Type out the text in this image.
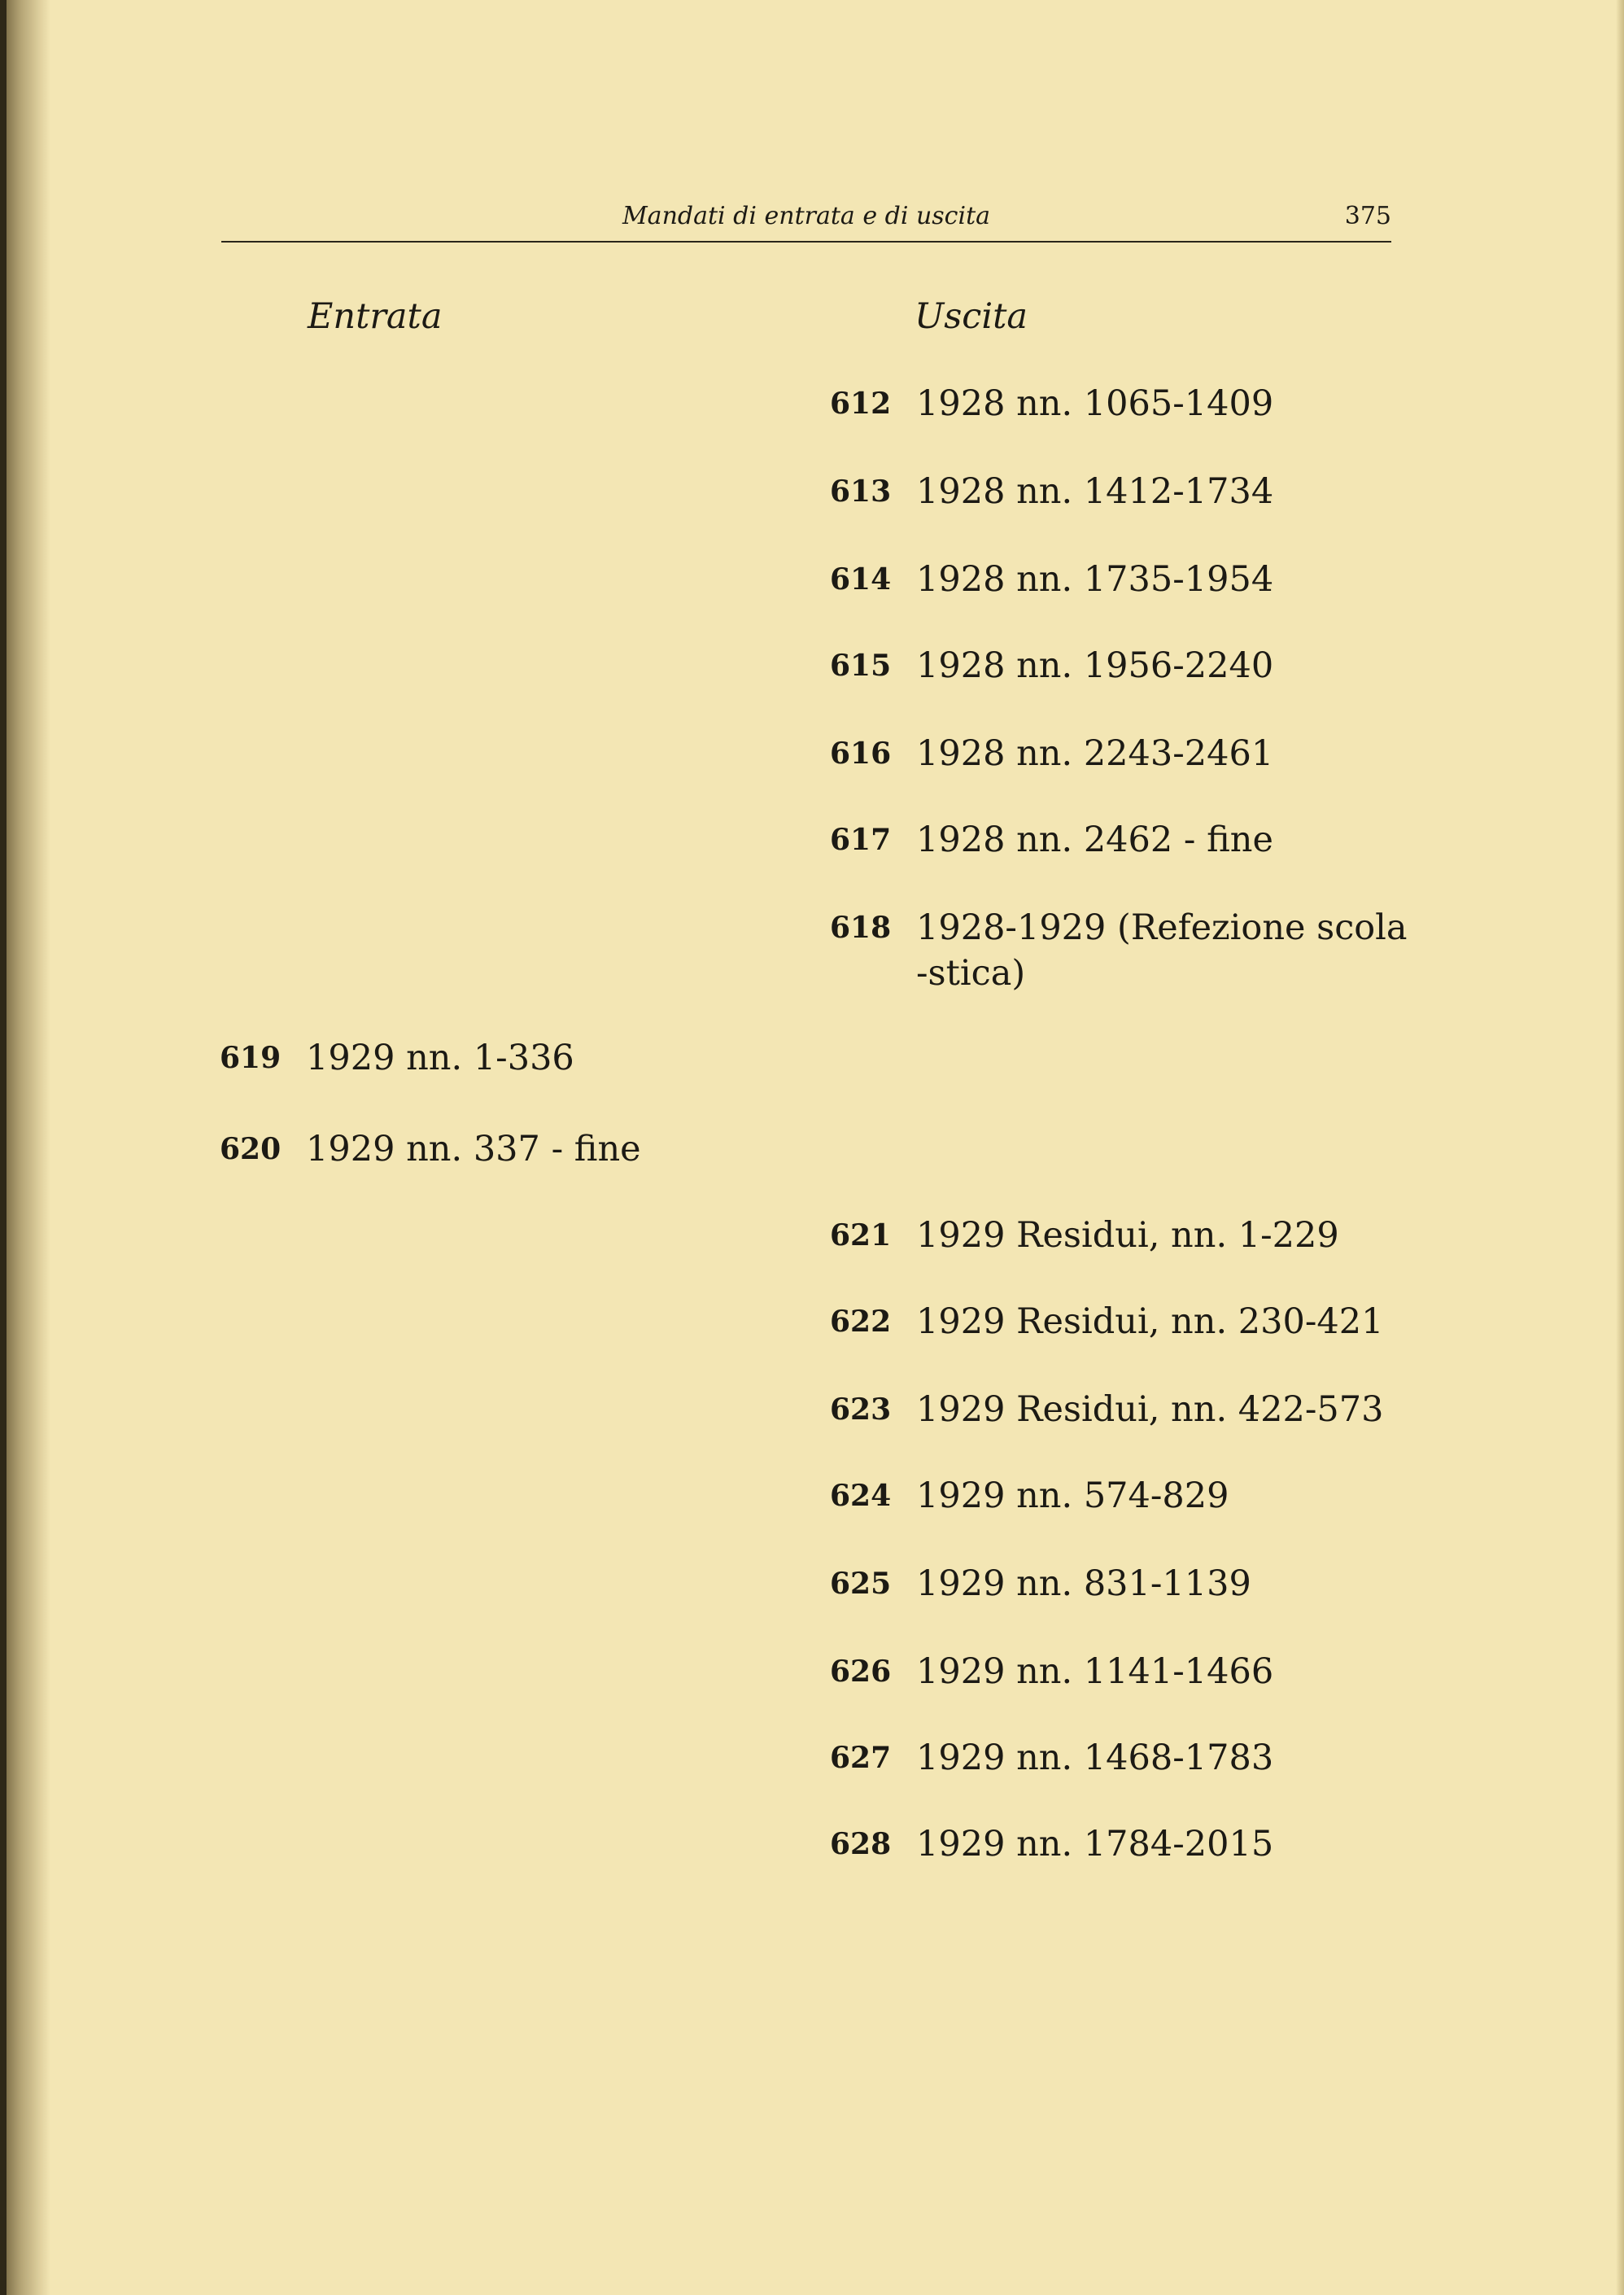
Mandati di entrata e di uscita	375
Entrata	Uscita
619 1929 nn. 1-336
620 1929 nn. 337 - fine
612 1928 nn. 1065-1409
613 1928 nn. 1412-1734
614 1928 nn. 1735-1954
615 1928 nn. 1956-2240
616 1928 nn. 2243-2461
617 1928 nn. 2462 - fine
618 1928-1929 (Refezione scola-stica)
621 1929 Residui, nn. 1-229
622 1929 Residui, nn. 230-421
623 1929 Residui, nn. 422-573
624 1929 nn. 574-829
625 1929 nn. 831-1139
626 1929 nn. 1141-1466
627 1929 nn. 1468-1783
628 1929 nn. 1784-2015
